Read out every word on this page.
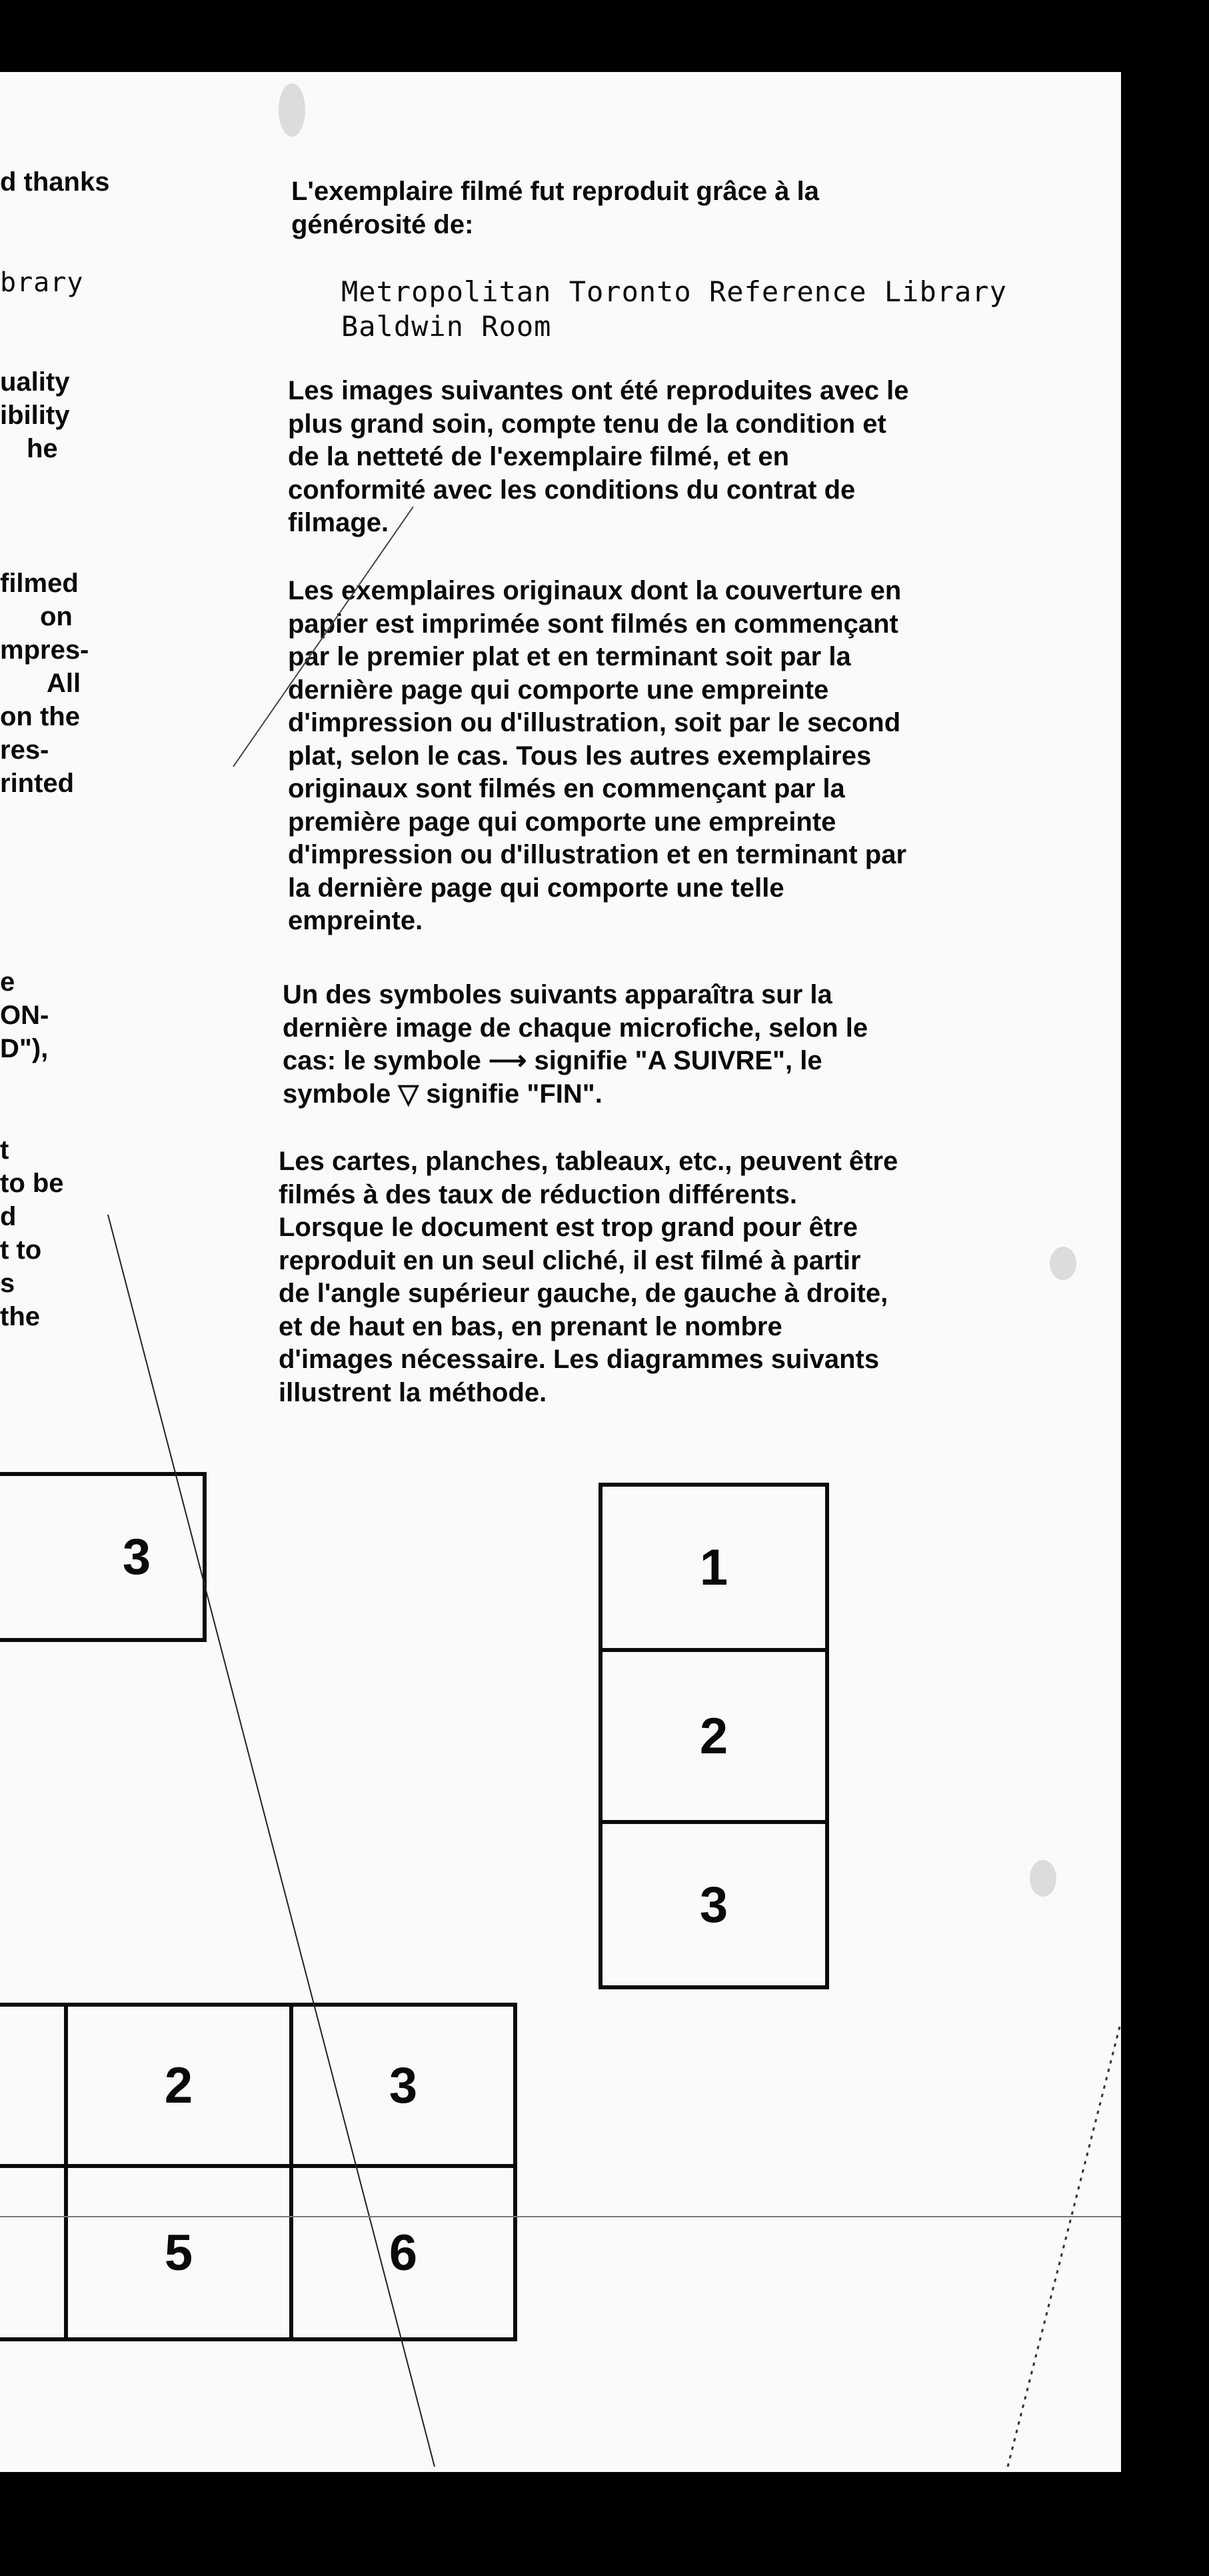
d thanks
brary
uality
ibility
he
filmed
on
mpres-
All
on the
res-
rinted
e
ON-
D"),
t
to be
d
t to
s
the
L'exemplaire filmé fut reproduit grâce à la
générosité de:
Metropolitan Toronto Reference Library
Baldwin Room
Les images suivantes ont été reproduites avec le
plus grand soin, compte tenu de la condition et
de la netteté de l'exemplaire filmé, et en
conformité avec les conditions du contrat de
filmage.
Les exemplaires originaux dont la couverture en
papier est imprimée sont filmés en commençant
par le premier plat et en terminant soit par la
dernière page qui comporte une empreinte
d'impression ou d'illustration, soit par le second
plat, selon le cas. Tous les autres exemplaires
originaux sont filmés en commençant par la
première page qui comporte une empreinte
d'impression ou d'illustration et en terminant par
la dernière page qui comporte une telle
empreinte.
Un des symboles suivants apparaîtra sur la
dernière image de chaque microfiche, selon le
cas: le symbole ⟶ signifie "A SUIVRE", le
symbole ▽ signifie "FIN".
Les cartes, planches, tableaux, etc., peuvent être
filmés à des taux de réduction différents.
Lorsque le document est trop grand pour être
reproduit en un seul cliché, il est filmé à partir
de l'angle supérieur gauche, de gauche à droite,
et de haut en bas, en prenant le nombre
d'images nécessaire. Les diagrammes suivants
illustrent la méthode.
3	1
2
3
2	3
5	6
